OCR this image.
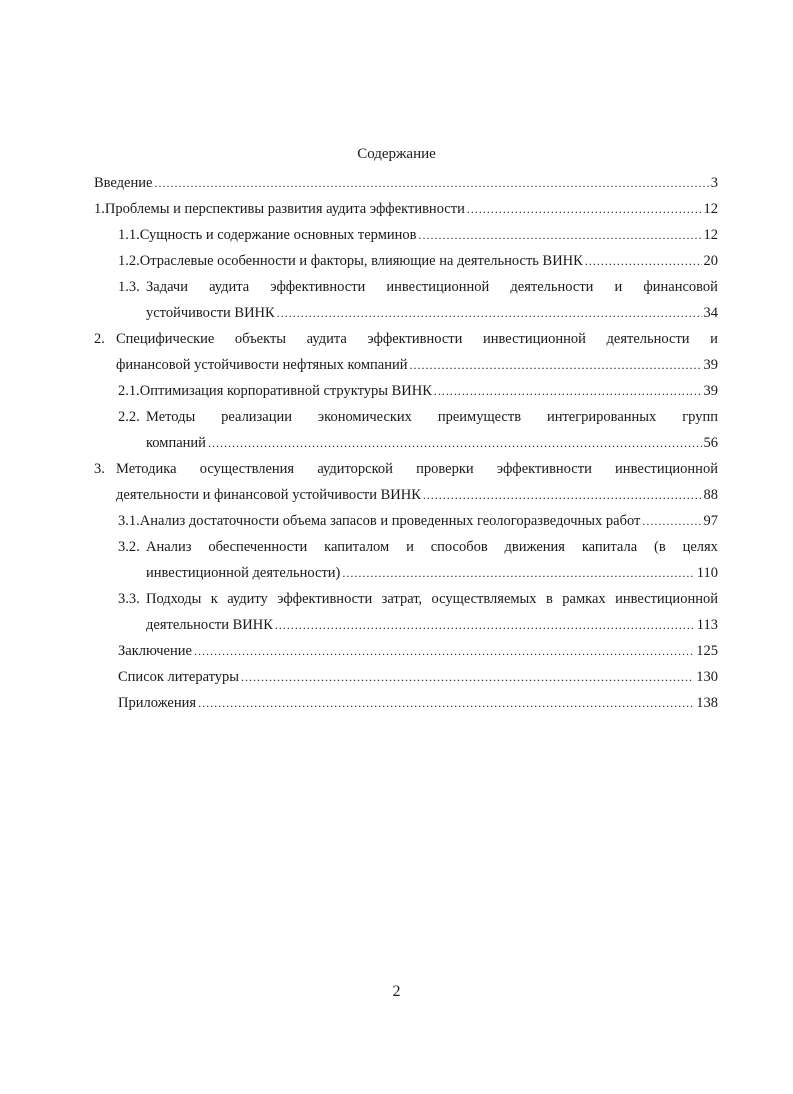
Содержание
Введение .....	3
1. Проблемы и перспективы развития аудита эффективности .....	12
1.1. Сущность и содержание основных терминов .....	12
1.2. Отраслевые особенности и факторы, влияющие на деятельность ВИНК .....	20
1.3. Задачи аудита эффективности инвестиционной деятельности и финансовой
устойчивости ВИНК .....	34
2. Специфические объекты аудита эффективности инвестиционной деятельности и
финансовой устойчивости нефтяных компаний .....	39
2.1. Оптимизация корпоративной структуры ВИНК .....	39
2.2. Методы реализации экономических преимуществ интегрированных групп
компаний .....	56
3. Методика осуществления аудиторской проверки эффективности инвестиционной
деятельности и финансовой устойчивости ВИНК .....	88
3.1. Анализ достаточности объема запасов и проведенных геологоразведочных работ .....	97
3.2. Анализ обеспеченности капиталом и способов движения капитала (в целях
инвестиционной деятельности) .....	110
3.3. Подходы к аудиту эффективности затрат, осуществляемых в рамках инвестиционной
деятельности ВИНК .....	113
Заключение .....	125
Список литературы .....	130
Приложения .....	138
2
